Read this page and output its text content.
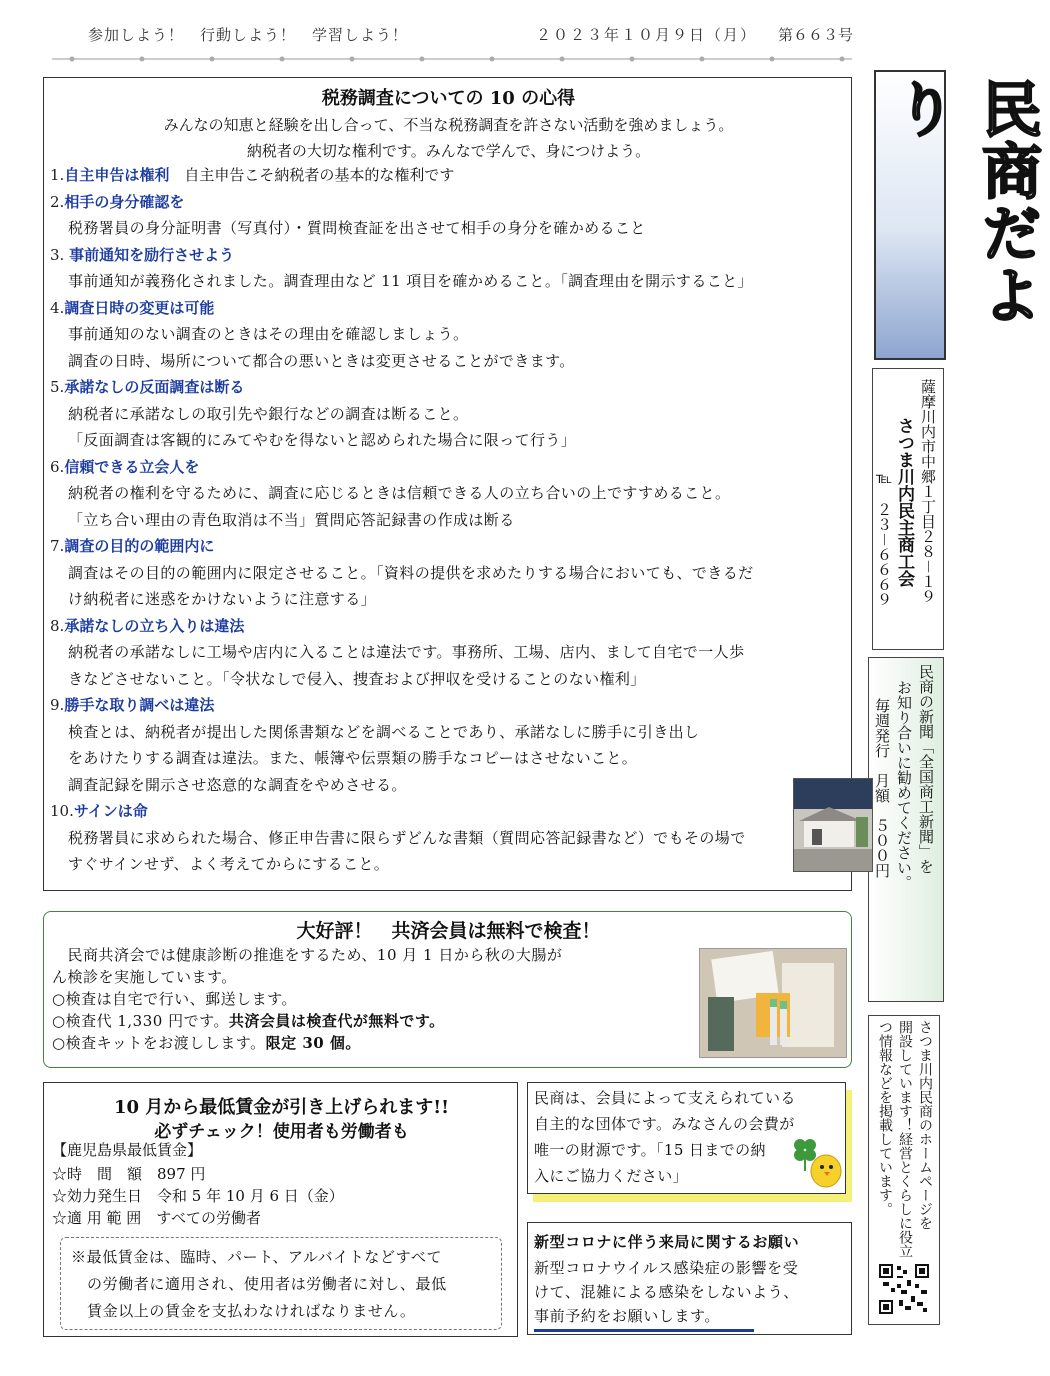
参加しよう！　行動しよう！　学習しよう！	２０２３年１０月９日（月） 第６６３号
税務調査についての 10 の心得
みんなの知恵と経験を出し合って、不当な税務調査を許さない活動を強めましょう。
納税者の大切な権利です。みんなで学んで、身につけよう。
1.自主申告は権利　自主申告こそ納税者の基本的な権利です
2.相手の身分確認を
税務署員の身分証明書（写真付）・質問検査証を出させて相手の身分を確かめること
3. 事前通知を励行させよう
事前通知が義務化されました。調査理由など 11 項目を確かめること。「調査理由を開示すること」
4.調査日時の変更は可能
事前通知のない調査のときはその理由を確認しましょう。
調査の日時、場所について都合の悪いときは変更させることができます。
5.承諾なしの反面調査は断る
納税者に承諾なしの取引先や銀行などの調査は断ること。
「反面調査は客観的にみてやむを得ないと認められた場合に限って行う」
6.信頼できる立会人を
納税者の権利を守るために、調査に応じるときは信頼できる人の立ち合いの上ですすめること。
「立ち合い理由の青色取消は不当」質問応答記録書の作成は断る
7.調査の目的の範囲内に
調査はその目的の範囲内に限定させること。「資料の提供を求めたりする場合においても、できるだ
け納税者に迷惑をかけないように注意する」
8.承諾なしの立ち入りは違法
納税者の承諾なしに工場や店内に入ることは違法です。事務所、工場、店内、まして自宅で一人歩
きなどさせないこと。「令状なしで侵入、捜査および押収を受けることのない権利」
9.勝手な取り調べは違法
検査とは、納税者が提出した関係書類などを調べることであり、承諾なしに勝手に引き出し
をあけたりする調査は違法。また、帳簿や伝票類の勝手なコピーはさせないこと。
調査記録を開示させ恣意的な調査をやめさせる。
10.サインは命
税務署員に求められた場合、修正申告書に限らずどんな書類（質問応答記録書など）でもその場で
すぐサインせず、よく考えてからにすること。
民商だより
薩摩川内市中郷１丁目２８－１９
さつま川内民主商工会
℡　２３－６６６９
民商の新聞「全国商工新聞」を
お知り合いに勧めてください。
毎週発行　月額　５００円
さつま川内民商のホームページを
開設しています！経営とくらしに役立
つ情報などを掲載しています。
大好評！　共済会員は無料で検査！
　民商共済会では健康診断の推進をするため、10 月 1 日から秋の大腸が
ん検診を実施しています。
○検査は自宅で行い、郵送します。
○検査代 1,330 円です。共済会員は検査代が無料です。
○検査キットをお渡しします。限定 30 個。
10 月から最低賃金が引き上げられます!!
必ずチェック！使用者も労働者も
【鹿児島県最低賃金】
☆時　間　額　897 円
☆効力発生日　令和 5 年 10 月 6 日（金）
☆適 用 範 囲　すべての労働者
※最低賃金は、臨時、パート、アルバイトなどすべて
の労働者に適用され、使用者は労働者に対し、最低
賃金以上の賃金を支払わなければなりません。
民商は、会員によって支えられている
自主的な団体です。みなさんの会費が
唯一の財源です。「15 日までの納
入にご協力ください」
新型コロナに伴う来局に関するお願い
新型コロナウイルス感染症の影響を受
けて、混雑による感染をしないよう、
事前予約をお願いします。
